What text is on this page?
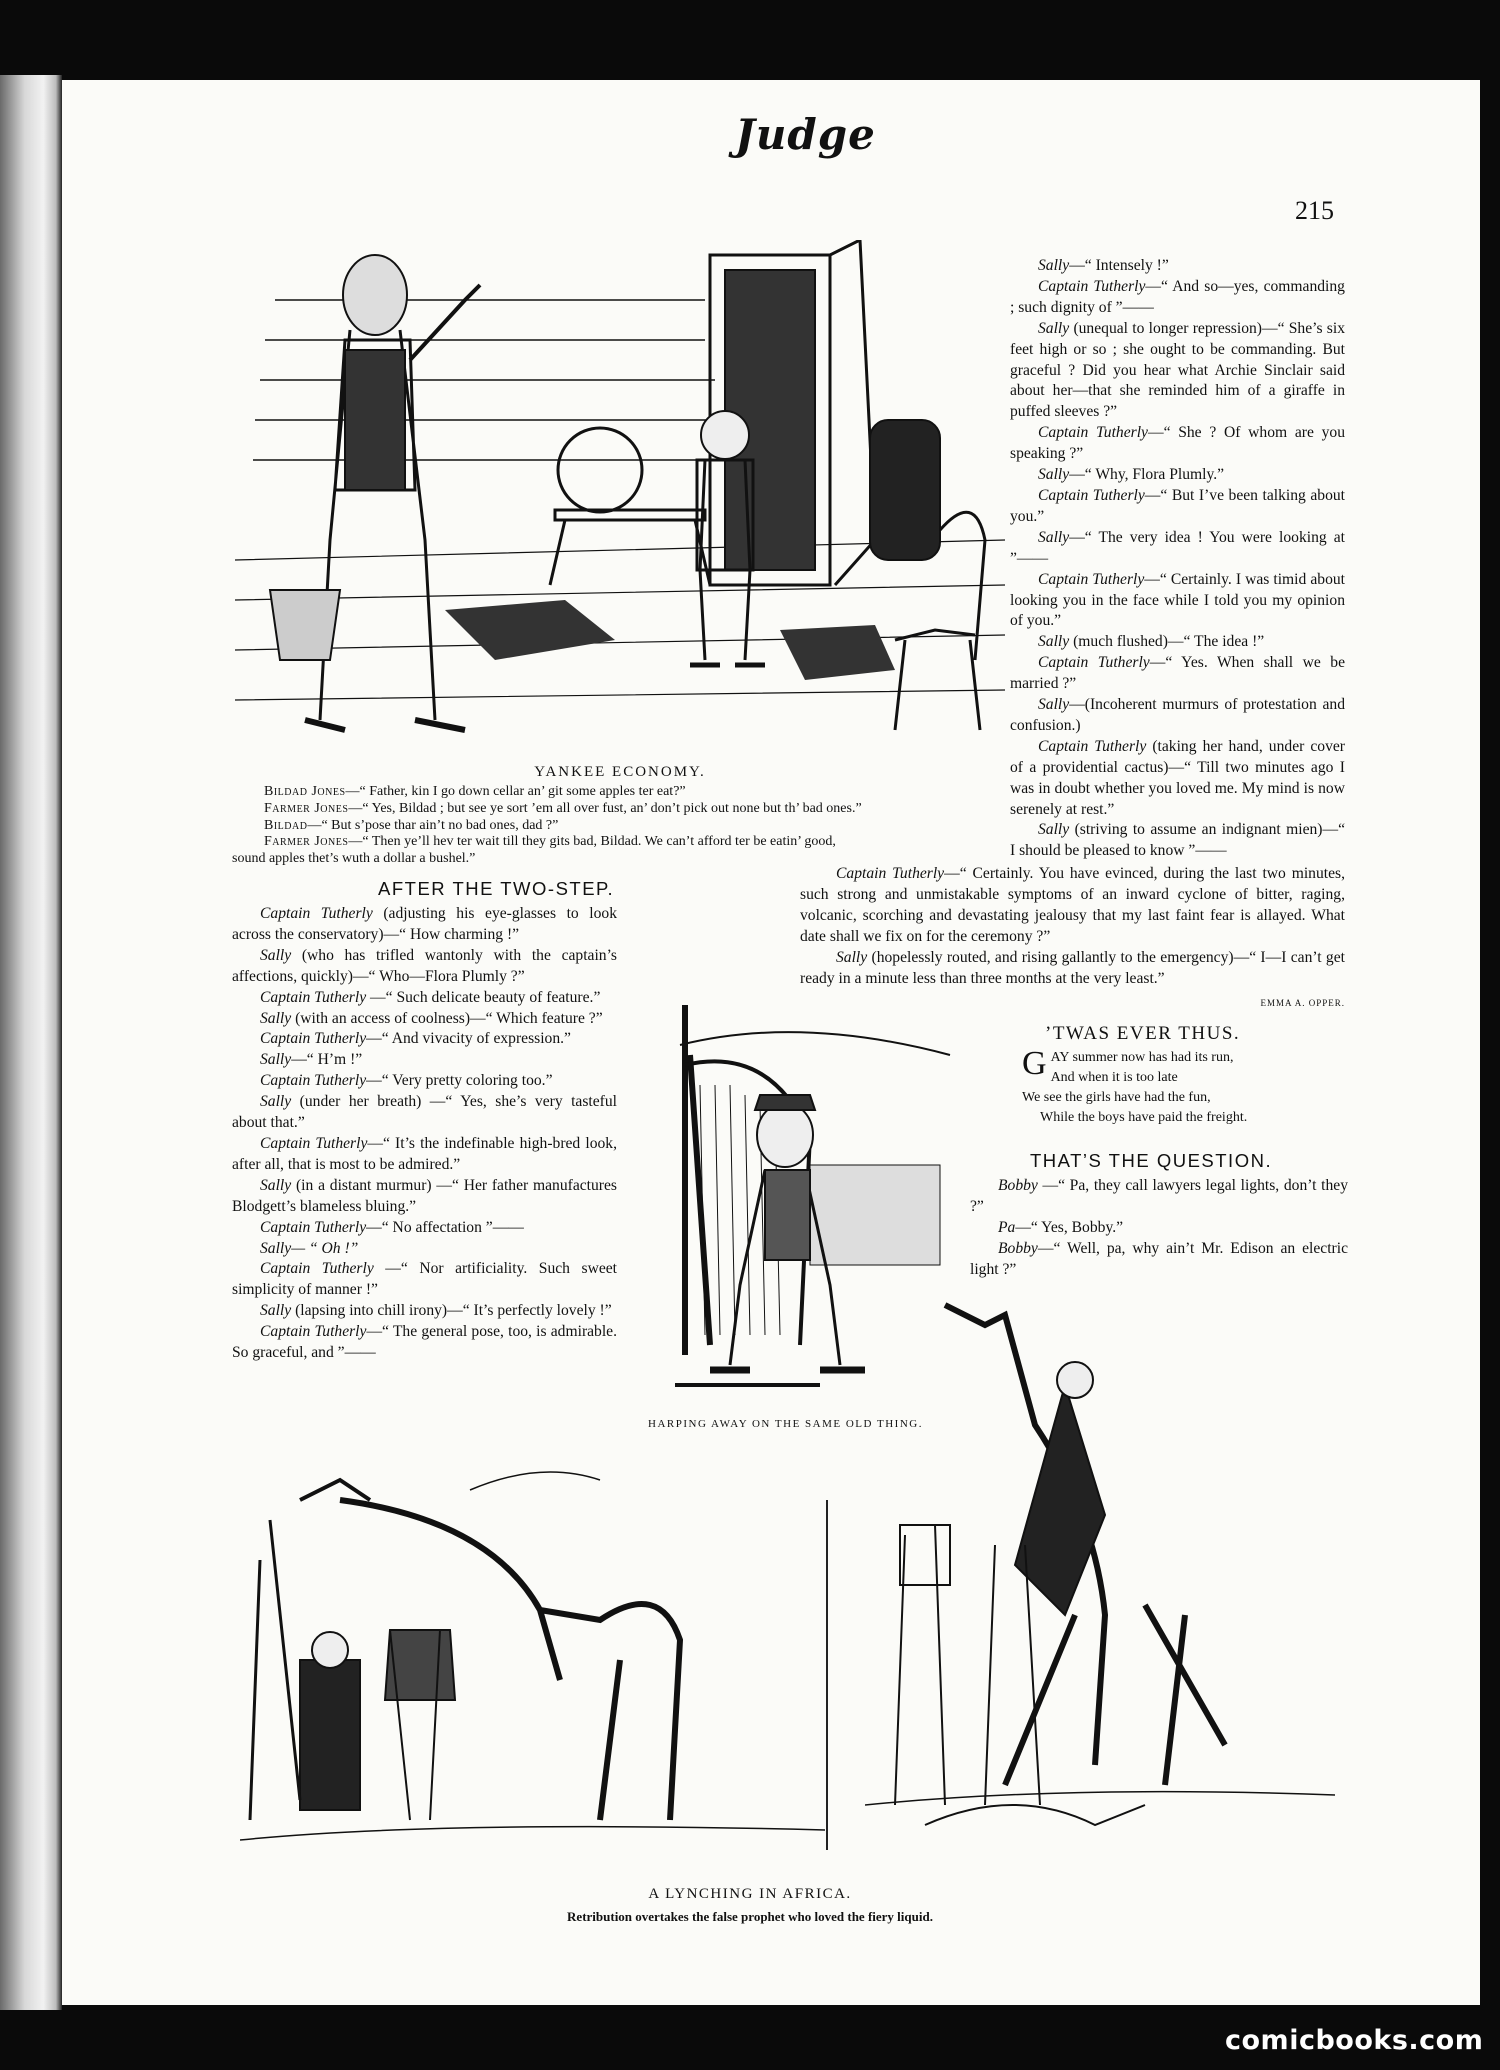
Judge
215
YANKEE ECONOMY.

Bildad Jones—“ Father, kin I go down cellar an’ git some apples ter eat?”

Farmer Jones—“ Yes, Bildad ; but see ye sort ’em all over fust, an’ don’t pick out none but th’ bad ones.”

Bildad—“ But s’pose thar ain’t no bad ones, dad ?”

Farmer Jones—“ Then ye’ll hev ter wait till they gits bad, Bildad. We can’t afford ter be eatin’ good,

sound apples thet’s wuth a dollar a bushel.”

AFTER THE TWO-STEP.

Captain Tutherly (adjusting his eye-glasses to look across the conservatory)—“ How charming !”

Sally (who has trifled wantonly with the captain’s affections, quickly)—“ Who—Flora Plumly ?”

Captain Tutherly —“ Such delicate beauty of feature.”

Sally (with an access of coolness)—“ Which feature ?”

Captain Tutherly—“ And vivacity of expression.”

Sally—“ H’m !”

Captain Tutherly—“ Very pretty coloring too.”

Sally (under her breath) —“ Yes, she’s very tasteful about that.”

Captain Tutherly—“ It’s the indefinable high-bred look, after all, that is most to be admired.”

Sally (in a distant murmur) —“ Her father manufactures Blodgett’s blameless bluing.”

Captain Tutherly—“ No affectation ”——

Sally— “ Oh !”

Captain Tutherly —“ Nor artificiality. Such sweet simplicity of manner !”

Sally (lapsing into chill irony)—“ It’s perfectly lovely !”

Captain Tutherly—“ The general pose, too, is admirable. So graceful, and ”——

Sally—“ Intensely !”

Captain Tutherly—“ And so—yes, commanding ; such dignity of ”——

Sally (unequal to longer repression)—“ She’s six feet high or so ; she ought to be commanding. But graceful ? Did you hear what Archie Sinclair said about her—that she reminded him of a giraffe in puffed sleeves ?”

Captain Tutherly—“ She ? Of whom are you speaking ?”

Sally—“ Why, Flora Plumly.”

Captain Tutherly—“ But I’ve been talking about you.”

Sally—“ The very idea ! You were looking at ”——

Captain Tutherly—“ Certainly. I was timid about looking you in the face while I told you my opinion of you.”

Sally (much flushed)—“ The idea !”

Captain Tutherly—“ Yes. When shall we be married ?”

Sally—(Incoherent murmurs of protestation and confusion.)

Captain Tutherly (taking her hand, under cover of a providential cactus)—“ Till two minutes ago I was in doubt whether you loved me. My mind is now serenely at rest.”

Sally (striving to assume an indignant mien)—“ I should be pleased to know ”——

Captain Tutherly—“ Certainly. You have evinced, during the last two minutes, such strong and unmistakable symptoms of an inward cyclone of bitter, raging, volcanic, scorching and devastating jealousy that my last faint fear is allayed. What date shall we fix on for the ceremony ?”

Sally (hopelessly routed, and rising gallantly to the emergency)—“ I—I can’t get ready in a minute less than three months at the very least.”

EMMA A. OPPER.
HARPING AWAY ON THE SAME OLD THING.
’TWAS EVER THUS.
G AY summer now has had its run,
And when it is too late
We see the girls have had the fun,
While the boys have paid the freight.
THAT’S THE QUESTION.

Bobby —“ Pa, they call lawyers legal lights, don’t they ?”

Pa—“ Yes, Bobby.”

Bobby—“ Well, pa, why ain’t Mr. Edison an electric light ?”

A LYNCHING IN AFRICA.
Retribution overtakes the false prophet who loved the fiery liquid.
comicbooks.com
